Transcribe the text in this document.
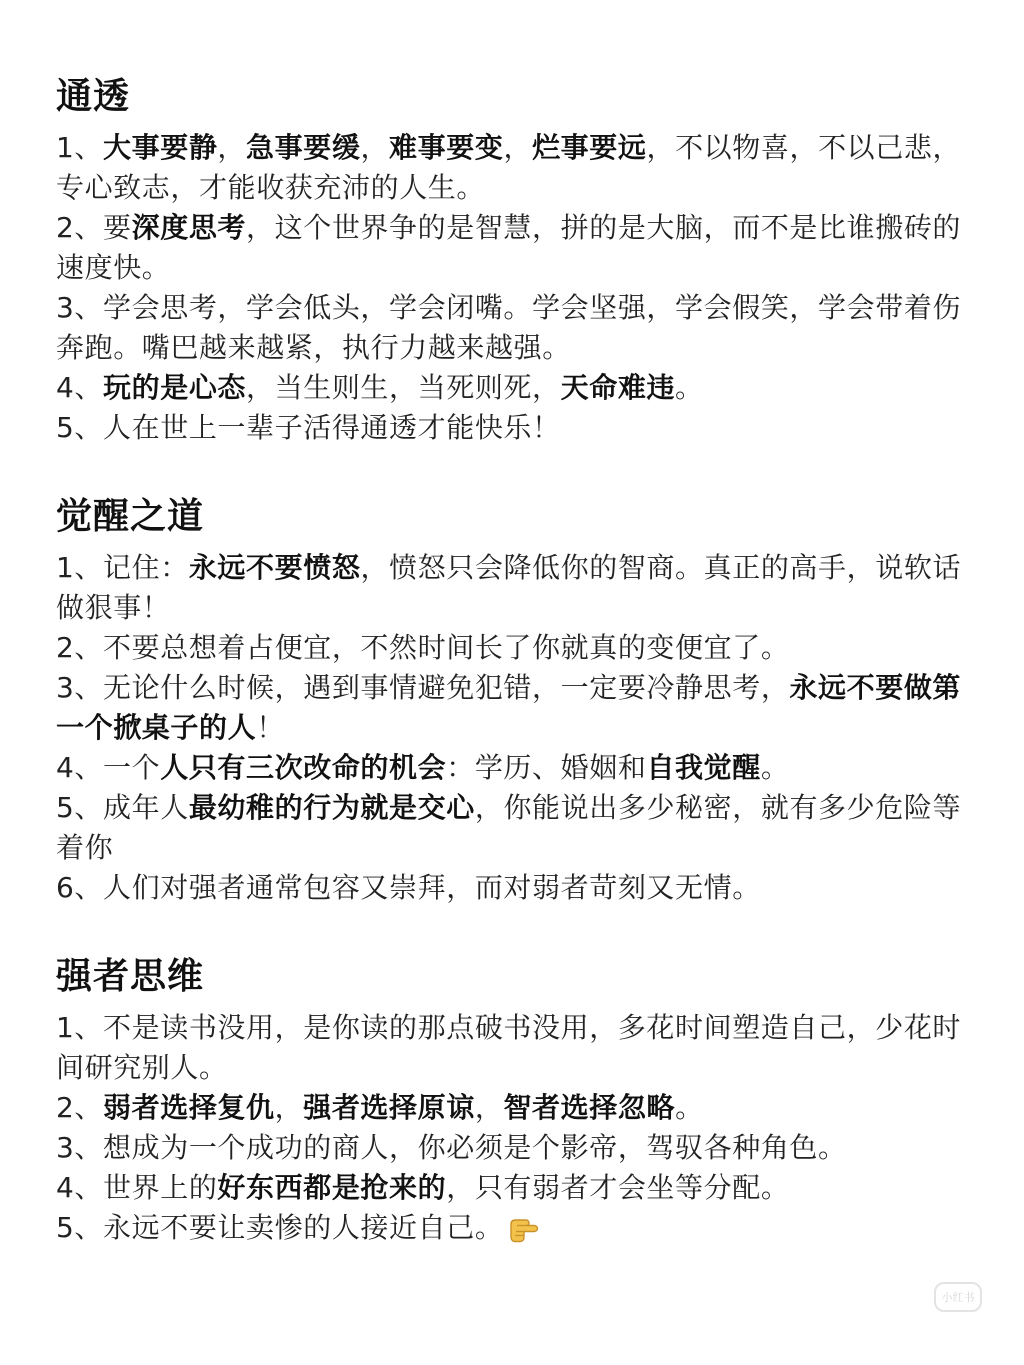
通透

1、大事要静，急事要缓，难事要变，烂事要远，不以物喜，不以己悲，专心致志，才能收获充沛的人生。

2、要深度思考，这个世界争的是智慧，拼的是大脑，而不是比谁搬砖的速度快。

3、学会思考，学会低头，学会闭嘴。学会坚强，学会假笑，学会带着伤奔跑。嘴巴越来越紧，执行力越来越强。

4、玩的是心态，当生则生，当死则死，天命难违。

5、人在世上一辈子活得通透才能快乐！

觉醒之道

1、记住：永远不要愤怒，愤怒只会降低你的智商。真正的高手，说软话做狠事！

2、不要总想着占便宜，不然时间长了你就真的变便宜了。

3、无论什么时候，遇到事情避免犯错，一定要冷静思考，永远不要做第一个掀桌子的人！

4、一个人只有三次改命的机会：学历、婚姻和自我觉醒。

5、成年人最幼稚的行为就是交心，你能说出多少秘密，就有多少危险等着你

6、人们对强者通常包容又崇拜，而对弱者苛刻又无情。

强者思维

1、不是读书没用，是你读的那点破书没用，多花时间塑造自己，少花时间研究别人。

2、弱者选择复仇，强者选择原谅，智者选择忽略。

3、想成为一个成功的商人，你必须是个影帝，驾驭各种角色。

4、世界上的好东西都是抢来的，只有弱者才会坐等分配。

5、永远不要让卖惨的人接近自己。

小红书
